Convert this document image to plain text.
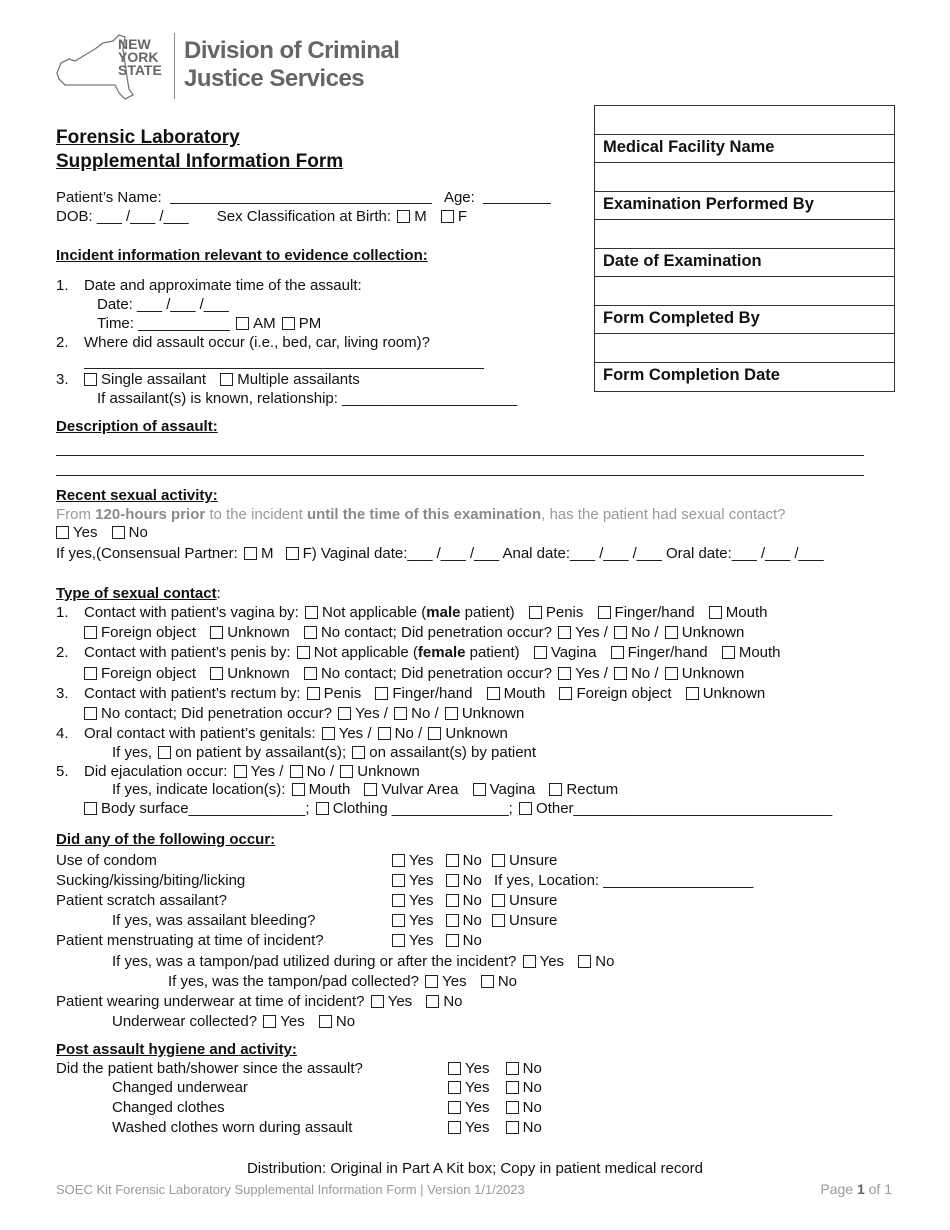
NEW
YORK
STATE
Division of Criminal
Justice Services
Forensic Laboratory
Supplemental Information Form
Medical Facility Name
Examination Performed By
Date of Examination
Form Completed By
Form Completion Date
Patient’s Name:	Age:
DOB: ___ /___ /___ Sex Classification at Birth: M F
Incident information relevant to evidence collection:
1. Date and approximate time of the assault:
Date: ___ /___ /___
Time: ___________ AM PM
2. Where did assault occur (i.e., bed, car, living room)?
3.	Single assailant Multiple assailants
If assailant(s) is known, relationship: _____________________
Description of assault:
Recent sexual activity:
From 120-hours prior to the incident until the time of this examination, has the patient had sexual contact?
Yes No
If yes,(Consensual Partner: M F) Vaginal date:___ /___ /___ Anal date:___ /___ /___ Oral date:___ /___ /___
Type of sexual contact:
1. Contact with patient’s vagina by: Not applicable (male patient) Penis Finger/hand Mouth
Foreign object Unknown No contact; Did penetration occur? Yes / No / Unknown
2. Contact with patient’s penis by: Not applicable (female patient) Vagina Finger/hand Mouth
Foreign object Unknown No contact; Did penetration occur? Yes / No / Unknown
3. Contact with patient’s rectum by: Penis Finger/hand Mouth Foreign object Unknown
No contact; Did penetration occur? Yes / No / Unknown
4. Oral contact with patient’s genitals: Yes / No / Unknown
If yes, on patient by assailant(s); on assailant(s) by patient
5. Did ejaculation occur: Yes / No / Unknown
If yes, indicate location(s): Mouth Vulvar Area Vagina Rectum
Body surface______________; Clothing ______________; Other_______________________________
Did any of the following occur:
Use of condom	Yes No Unsure
Sucking/kissing/biting/licking	Yes No If yes, Location: __________________
Patient scratch assailant?	Yes No Unsure
If yes, was assailant bleeding?	Yes No Unsure
Patient menstruating at time of incident?	Yes No
If yes, was a tampon/pad utilized during or after the incident? Yes No
If yes, was the tampon/pad collected? Yes No
Patient wearing underwear at time of incident? Yes No
Underwear collected? Yes No
Post assault hygiene and activity:
Did the patient bath/shower since the assault?	Yes No
Changed underwear	Yes No
Changed clothes	Yes No
Washed clothes worn during assault	Yes No
Distribution: Original in Part A Kit box; Copy in patient medical record
SOEC Kit Forensic Laboratory Supplemental Information Form | Version 1/1/2023	Page 1 of 1
